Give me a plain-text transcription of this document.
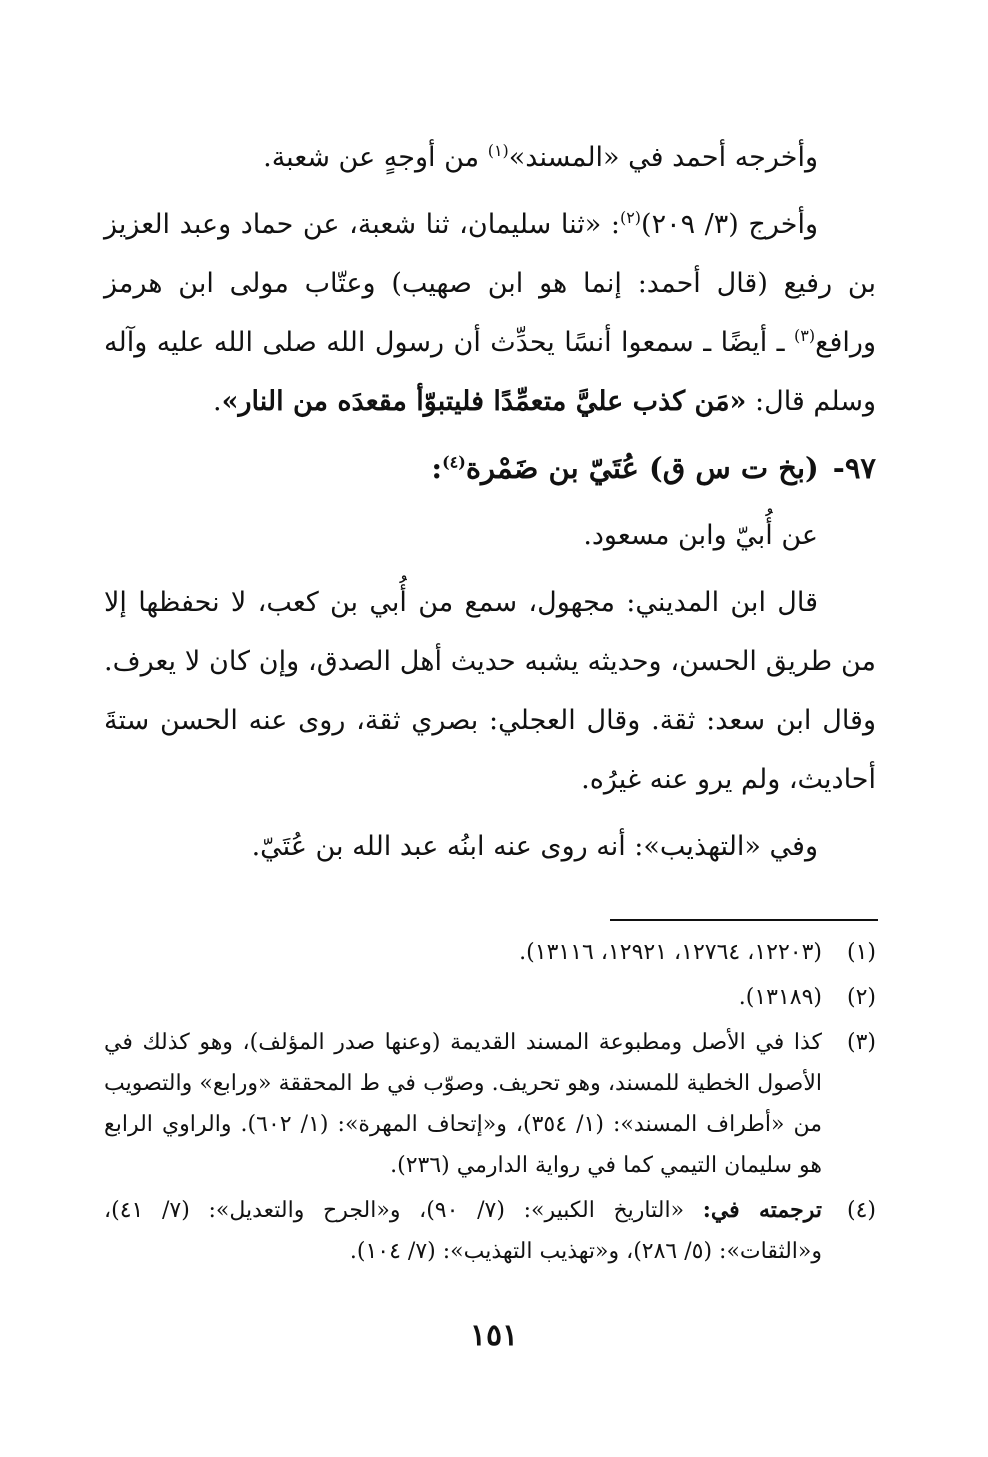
وأخرجه أحمد في «المسند»$^{(١)}$ من أوجهٍ عن شعبة.

وأخرج (٣/ ٢٠٩)$^{(٢)}$: «ثنا سليمان، ثنا شعبة، عن حماد وعبد العزيز بن رفيع (قال أحمد: إنما هو ابن صهيب) وعتّاب مولى ابن هرمز ورافع$^{(٣)}$ ـ أيضًا ـ سمعوا أنسًا يحدِّث أن رسول الله صلى الله عليه وآله وسلم قال: «مَن كذب عليَّ متعمِّدًا فليتبوّأ مقعدَه من النار».

٩٧-(بخ ت س ق) عُتَيّ بن ضَمْرة$^{(٤)}$:

عن أُبيّ وابن مسعود.

قال ابن المديني: مجهول، سمع من أُبي بن كعب، لا نحفظها إلا من طريق الحسن، وحديثه يشبه حديث أهل الصدق، وإن كان لا يعرف. وقال ابن سعد: ثقة. وقال العجلي: بصري ثقة، روى عنه الحسن ستةَ أحاديث، ولم يرو عنه غيرُه.

وفي «التهذيب»: أنه روى عنه ابنُه عبد الله بن عُتَيّ.

(١)
(١٢٢٠٣، ١٢٧٦٤، ١٢٩٢١، ١٣١١٦).
(٢)
(١٣١٨٩).
(٣)
كذا في الأصل ومطبوعة المسند القديمة (وعنها صدر المؤلف)، وهو كذلك في الأصول الخطية للمسند، وهو تحريف. وصوّب في ط المحققة «ورابع» والتصويب من «أطراف المسند»: (١/ ٣٥٤)، و«إتحاف المهرة»: (١/ ٦٠٢). والراوي الرابع هو سليمان التيمي كما في رواية الدارمي (٢٣٦).
(٤)
ترجمته في: «التاريخ الكبير»: (٧/ ٩٠)، و«الجرح والتعديل»: (٧/ ٤١)، و«الثقات»: (٥/ ٢٨٦)، و«تهذيب التهذيب»: (٧/ ١٠٤).
١٥١
